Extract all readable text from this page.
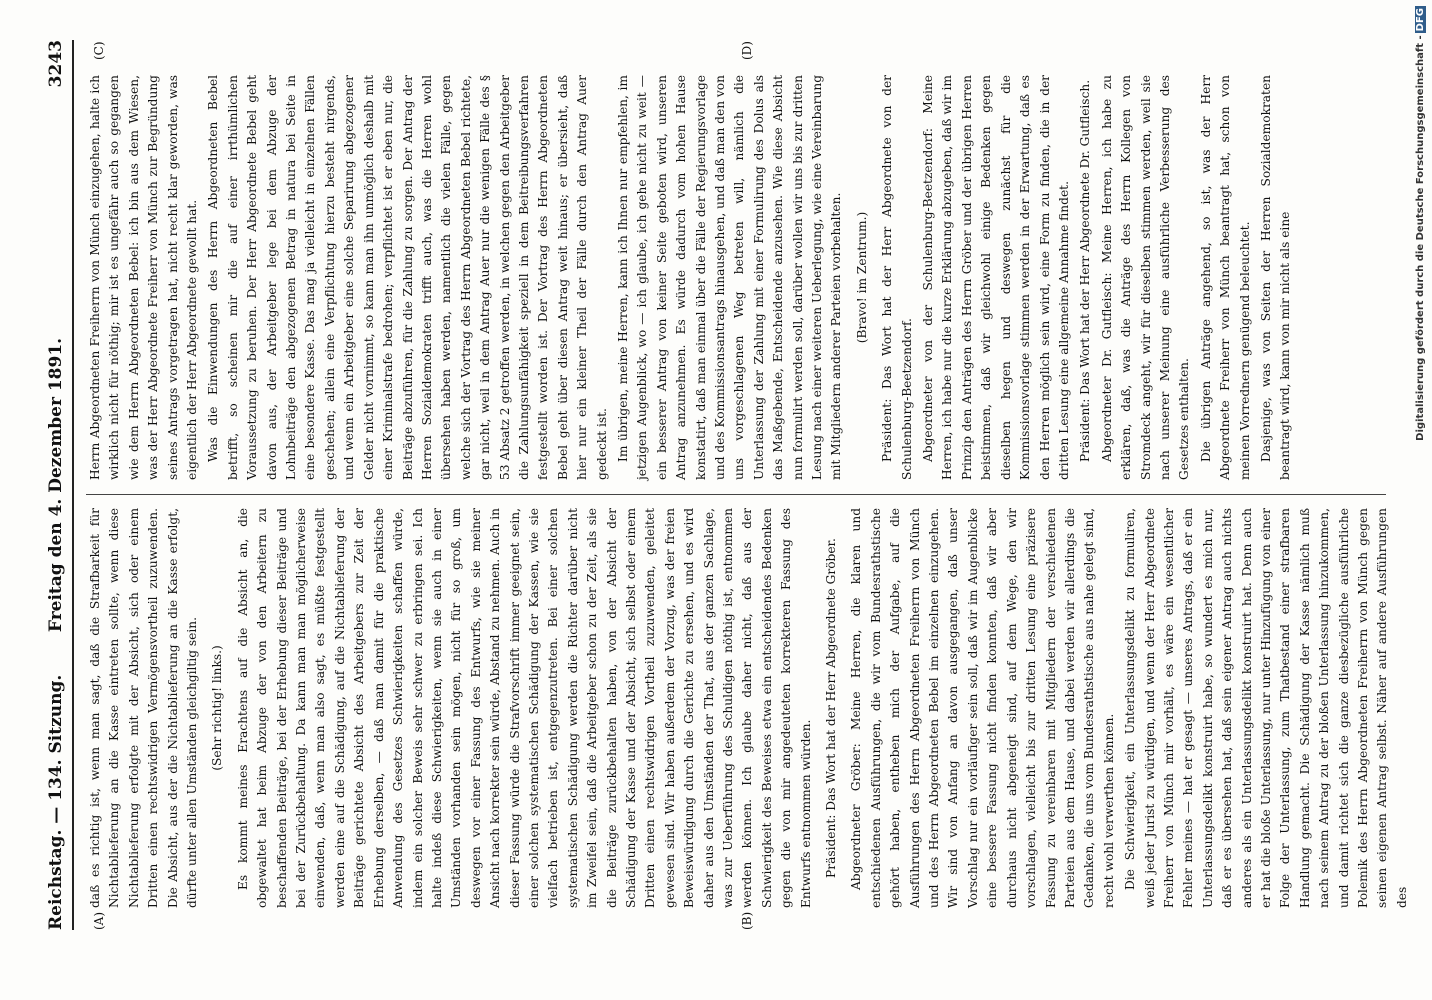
Reichstag. — 134. Sitzung.
Freitag den 4. Dezember 1891.
3243
(A)	(B)
(C)	(D)

daß es richtig ist, wenn man sagt, daß die Strafbarkeit für Nichtablieferung an die Kasse eintreten sollte, wenn diese Nichtablieferung erfolgte mit der Absicht, sich oder einem Dritten einen rechtswidrigen Vermögensvortheil zuzuwenden. Die Absicht, aus der die Nichtablieferung an die Kasse erfolgt, dürfte unter allen Umständen gleichgiltig sein. (Sehr richtig! links.) Es kommt meines Erachtens auf die Absicht an, die obgewaltet hat beim Abzuge der von den Arbeitern zu beschaffenden Beiträge, bei der Erhebung dieser Beiträge und bei der Zurückbehaltung. Da kann man man möglicherweise einwenden, daß, wenn man also sagt, es müßte festgestellt werden eine auf die Schädigung, auf die Nichtablieferung der Beiträge gerichtete Absicht des Arbeitgebers zur Zeit der Erhebung derselben, — daß man damit für die praktische Anwendung des Gesetzes Schwierigkeiten schaffen würde, indem ein solcher Beweis sehr schwer zu erbringen sei. Ich halte indeß diese Schwierigkeiten, wenn sie auch in einer Umständen vorhanden sein mögen, nicht für so groß, um deswegen vor einer Fassung des Entwurfs, wie sie meiner Ansicht nach korrekter sein würde, Abstand zu nehmen. Auch in dieser Fassung würde die Strafvorschrift immer geeignet sein, einer solchen systematischen Schädigung der Kassen, wie sie vielfach betrieben ist, entgegenzutreten. Bei einer solchen systematischen Schädigung werden die Richter darüber nicht im Zweifel sein, daß die Arbeitgeber schon zu der Zeit, als sie die Beiträge zurückbehalten haben, von der Absicht der Schädigung der Kasse und der Absicht, sich selbst oder einem Dritten einen rechtswidrigen Vortheil zuzuwenden, geleitet gewesen sind. Wir haben außerdem der Vorzug, was der freien Beweiswürdigung durch die Gerichte zu ersehen, und es wird daher aus den Umständen der That, aus der ganzen Sachlage, was zur Ueberführung des Schuldigen nöthig ist, entnommen werden können. Ich glaube daher nicht, daß aus der Schwierigkeit des Beweises etwa ein entscheidendes Bedenken gegen die von mir angedeuteten korrekteren Fassung des Entwurfs entnommen würden. Präsident: Das Wort hat der Herr Abgeordnete Gröber. Abgeordneter Gröber: Meine Herren, die klaren und entschiedenen Ausführungen, die wir vom Bundesrathstische gehört haben, entheben mich der Aufgabe, auf die Ausführungen des Herrn Abgeordneten Freiherrn von Münch und des Herrn Abgeordneten Bebel im einzelnen einzugehen. Wir sind von Anfang an davon ausgegangen, daß unser Vorschlag nur ein vorläufiger sein soll, daß wir im Augenblicke eine bessere Fassung nicht finden konnten, daß wir aber durchaus nicht abgeneigt sind, auf dem Wege, den wir vorschlagen, vielleicht bis zur dritten Lesung eine präzisere Fassung zu vereinbaren mit Mitgliedern der verschiedenen Parteien aus dem Hause, und dabei werden wir allerdings die Gedanken, die uns vom Bundesrathstische aus nahe gelegt sind, recht wohl verwerthen können. Die Schwierigkeit, ein Unterlassungsdelikt zu formuliren, weiß jeder Jurist zu würdigen, und wenn der Herr Abgeordnete Freiherr von Münch mir vorhält, es wäre ein wesentlicher Fehler meines — hat er gesagt — unseres Antrags, daß er ein Unterlassungsdelikt konstruirt habe, so wundert es mich nur, daß er es übersehen hat, daß sein eigener Antrag auch nichts anderes als ein Unterlassungsdelikt konstruirt hat. Denn auch er hat die bloße Unterlassung, nur unter Hinzufügung von einer Folge der Unterlassung, zum Thatbestand einer strafbaren Handlung gemacht. Die Schädigung der Kasse nämlich muß nach seinem Antrag zu der bloßen Unterlassung hinzukommen, und damit richtet sich die ganze diesbezügliche ausführliche Polemik des Herrn Abgeordneten Freiherrn von Münch gegen seinen eigenen Antrag selbst. Näher auf andere Ausführungen des

Herrn Abgeordneten Freiherrn von Münch einzugehen, halte ich wirklich nicht für nöthig; mir ist es ungefähr auch so gegangen wie dem Herrn Abgeordneten Bebel: ich bin aus dem Wiesen, was der Herr Abgeordnete Freiherr von Münch zur Begründung seines Antrags vorgetragen hat, nicht recht klar geworden, was eigentlich der Herr Abgeordnete gewollt hat. Was die Einwendungen des Herrn Abgeordneten Bebel betrifft, so scheinen mir die auf einer irrthümlichen Voraussetzung zu beruhen. Der Herr Abgeordnete Bebel geht davon aus, der Arbeitgeber lege bei dem Abzuge der Lohnbeiträge den abgezogenen Betrag in natura bei Seite in eine besondere Kasse. Das mag ja vielleicht in einzelnen Fällen geschehen; allein eine Verpflichtung hierzu besteht nirgends, und wenn ein Arbeitgeber eine solche Separirung abgezogener Gelder nicht vornimmt, so kann man ihn unmöglich deshalb mit einer Kriminalstrafe bedrohen; verpflichtet ist er eben nur, die Beiträge abzuführen, für die Zahlung zu sorgen. Der Antrag der Herren Sozialdemokraten trifft auch, was die Herren wohl übersehen haben werden, namentlich die vielen Fälle, gegen welche sich der Vortrag des Herrn Abgeordneten Bebel richtete, gar nicht, weil in dem Antrag Auer nur die wenigen Fälle des § 53 Absatz 2 getroffen werden, in welchen gegen den Arbeitgeber die Zahlungsunfähigkeit speziell in dem Beitreibungsverfahren festgestellt worden ist. Der Vortrag des Herrn Abgeordneten Bebel geht über diesen Antrag weit hinaus; er übersieht, daß hier nur ein kleiner Theil der Fälle durch den Antrag Auer gedeckt ist. Im übrigen, meine Herren, kann ich Ihnen nur empfehlen, im jetzigen Augenblick, wo — ich glaube, ich gehe nicht zu weit — ein besserer Antrag von keiner Seite geboten wird, unseren Antrag anzunehmen. Es würde dadurch vom hohen Hause konstatirt, daß man einmal über die Fälle der Regierungsvorlage und des Kommissionsantrags hinausgehen, und daß man den von uns vorgeschlagenen Weg betreten will, nämlich die Unterlassung der Zahlung mit einer Formulirung des Dolus als das Maßgebende, Entscheidende anzusehen. Wie diese Absicht nun formulirt werden soll, darüber wollen wir uns bis zur dritten Lesung nach einer weiteren Ueberlegung, wie eine Vereinbarung mit Mitgliedern anderer Parteien vorbehalten. (Bravo! im Zentrum.) Präsident: Das Wort hat der Herr Abgeordnete von der Schulenburg-Beetzendorf. Abgeordneter von der Schulenburg-Beetzendorf: Meine Herren, ich habe nur die kurze Erklärung abzugeben, daß wir im Prinzip den Anträgen des Herrn Gröber und der übrigen Herren beistimmen, daß wir gleichwohl einige Bedenken gegen dieselben hegen und deswegen zunächst für die Kommissionsvorlage stimmen werden in der Erwartung, daß es den Herren möglich sein wird, eine Form zu finden, die in der dritten Lesung eine allgemeine Annahme findet. Präsident: Das Wort hat der Herr Abgeordnete Dr. Gutfleisch. Abgeordneter Dr. Gutfleisch: Meine Herren, ich habe zu erklären, daß, was die Anträge des Herrn Kollegen von Stromdeck angeht, wir für dieselben stimmen werden, weil sie nach unserer Meinung eine ausführliche Verbesserung des Gesetzes enthalten. Die übrigen Anträge angehend, so ist, was der Herr Abgeordnete Freiherr von Münch beantragt hat, schon von meinen Vorrednern genügend beleuchtet. Dasjenige, was von Seiten der Herren Sozialdemokraten beantragt wird, kann von mir nicht als eine	Digitalisierung gefördert durch die Deutsche Forschungsgemeinschaft -DFG
